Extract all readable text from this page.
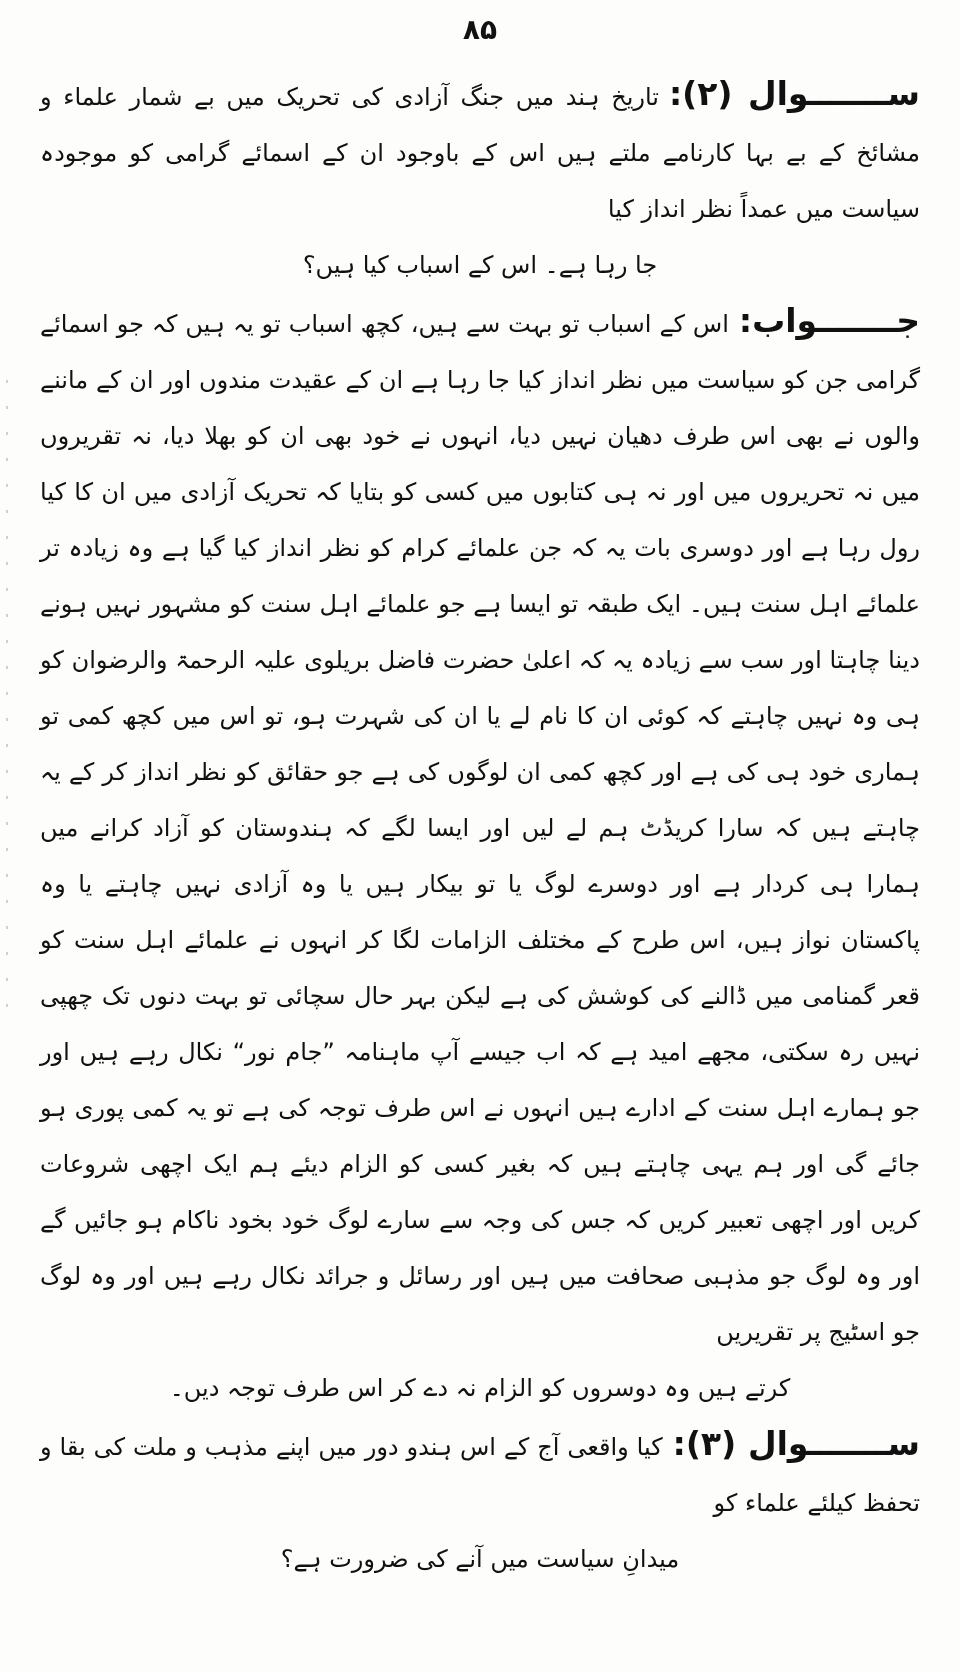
۸۵

ســـــــوال (۲):تاریخ ہند میں جنگ آزادی کی تحریک میں بے شمار علماء و مشائخ کے بے بہا کارنامے ملتے ہیں اس کے باوجود ان کے اسمائے گرامی کو موجودہ سیاست میں عمداً نظر انداز کیا

جا رہا ہے۔ اس کے اسباب کیا ہیں؟

جـــــــواب:اس کے اسباب تو بہت سے ہیں، کچھ اسباب تو یہ ہیں کہ جو اسمائے گرامی جن کو سیاست میں نظر انداز کیا جا رہا ہے ان کے عقیدت مندوں اور ان کے ماننے والوں نے بھی اس طرف دھیان نہیں دیا، انہوں نے خود بھی ان کو بھلا دیا، نہ تقریروں میں نہ تحریروں میں اور نہ ہی کتابوں میں کسی کو بتایا کہ تحریک آزادی میں ان کا کیا رول رہا ہے اور دوسری بات یہ کہ جن علمائے کرام کو نظر انداز کیا گیا ہے وہ زیادہ تر علمائے اہل سنت ہیں۔ ایک طبقہ تو ایسا ہے جو علمائے اہل سنت کو مشہور نہیں ہونے دینا چاہتا اور سب سے زیادہ یہ کہ اعلیٰ حضرت فاضل بریلوی علیہ الرحمۃ والرضوان کو ہی وہ نہیں چاہتے کہ کوئی ان کا نام لے یا ان کی شہرت ہو، تو اس میں کچھ کمی تو ہماری خود ہی کی ہے اور کچھ کمی ان لوگوں کی ہے جو حقائق کو نظر انداز کر کے یہ چاہتے ہیں کہ سارا کریڈٹ ہم لے لیں اور ایسا لگے کہ ہندوستان کو آزاد کرانے میں ہمارا ہی کردار ہے اور دوسرے لوگ یا تو بیکار ہیں یا وہ آزادی نہیں چاہتے یا وہ پاکستان نواز ہیں، اس طرح کے مختلف الزامات لگا کر انہوں نے علمائے اہل سنت کو قعر گمنامی میں ڈالنے کی کوشش کی ہے لیکن بہر حال سچائی تو بہت دنوں تک چھپی نہیں رہ سکتی، مجھے امید ہے کہ اب جیسے آپ ماہنامہ ”جام نور“ نکال رہے ہیں اور جو ہمارے اہل سنت کے ادارے ہیں انہوں نے اس طرف توجہ کی ہے تو یہ کمی پوری ہو جائے گی اور ہم یہی چاہتے ہیں کہ بغیر کسی کو الزام دیئے ہم ایک اچھی شروعات کریں اور اچھی تعبیر کریں کہ جس کی وجہ سے سارے لوگ خود بخود ناکام ہو جائیں گے اور وہ لوگ جو مذہبی صحافت میں ہیں اور رسائل و جرائد نکال رہے ہیں اور وہ لوگ جو اسٹیج پر تقریریں

کرتے ہیں وہ دوسروں کو الزام نہ دے کر اس طرف توجہ دیں۔

ســـــــوال (۳):کیا واقعی آج کے اس ہندو دور میں اپنے مذہب و ملت کی بقا و تحفظ کیلئے علماء کو

میدانِ سیاست میں آنے کی ضرورت ہے؟
